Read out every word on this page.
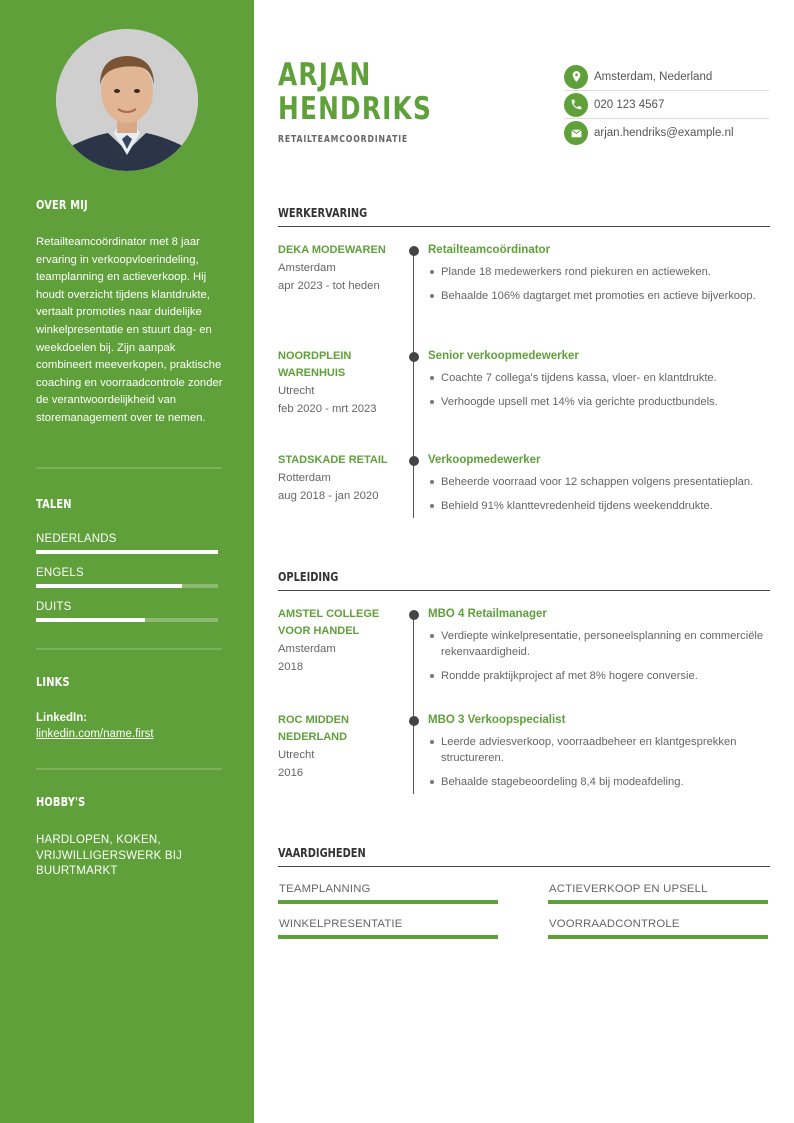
OVER MIJ
Retailteamcoördinator met 8 jaar ervaring in verkoopvloerindeling, teamplanning en actieverkoop. Hij houdt overzicht tijdens klantdrukte, vertaalt promoties naar duidelijke winkelpresentatie en stuurt dag- en weekdoelen bij. Zijn aanpak combineert meeverkopen, praktische coaching en voorraadcontrole zonder de verantwoordelijkheid van storemanagement over te nemen.
TALEN
NEDERLANDS
ENGELS
DUITS
LINKS
LinkedIn:
linkedin.com/name.first
HOBBY'S
HARDLOPEN, KOKEN, VRIJWILLIGERSWERK BIJ BUURTMARKT
ARJAN
HENDRIKS
RETAILTEAMCOÖRDINATIE
Amsterdam, Nederland
020 123 4567
arjan.hendriks@example.nl
WERKERVARING
DEKA MODEWAREN
Amsterdam
apr 2023 - tot heden
Retailteamcoördinator
Plande 18 medewerkers rond piekuren en actieweken.
Behaalde 106% dagtarget met promoties en actieve bijverkoop.
NOORDPLEIN WARENHUIS
Utrecht
feb 2020 - mrt 2023
Senior verkoopmedewerker
Coachte 7 collega's tijdens kassa, vloer- en klantdrukte.
Verhoogde upsell met 14% via gerichte productbundels.
STADSKADE RETAIL
Rotterdam
aug 2018 - jan 2020
Verkoopmedewerker
Beheerde voorraad voor 12 schappen volgens presentatieplan.
Behield 91% klanttevredenheid tijdens weekenddrukte.
OPLEIDING
AMSTEL COLLEGE VOOR HANDEL
Amsterdam
2018
MBO 4 Retailmanager
Verdiepte winkelpresentatie, personeelsplanning en commerciële rekenvaardigheid.
Rondde praktijkproject af met 8% hogere conversie.
ROC MIDDEN NEDERLAND
Utrecht
2016
MBO 3 Verkoopspecialist
Leerde adviesverkoop, voorraadbeheer en klantgesprekken structureren.
Behaalde stagebeoordeling 8,4 bij modeafdeling.
VAARDIGHEDEN
TEAMPLANNING	ACTIEVERKOOP EN UPSELL
WINKELPRESENTATIE	VOORRAADCONTROLE
